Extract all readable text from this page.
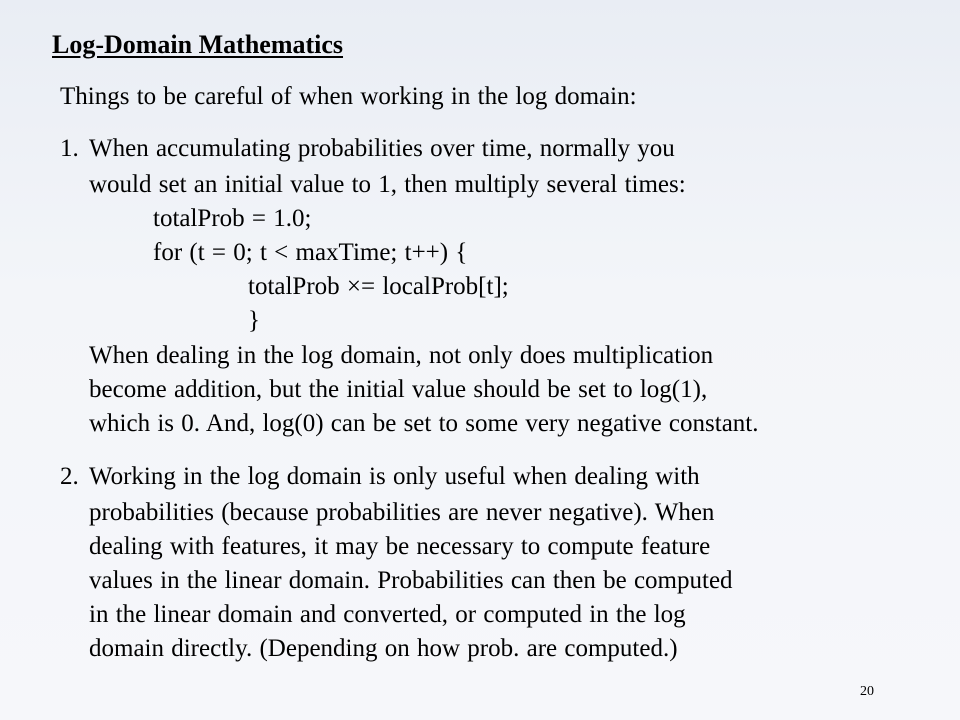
Log-Domain Mathematics
Things to be careful of when working in the log domain:
1. When accumulating probabilities over time, normally you
would set an initial value to 1, then multiply several times:
totalProb = 1.0;
for (t = 0; t < maxTime; t++) {
totalProb ×= localProb[t];
}
When dealing in the log domain, not only does multiplication
become addition, but the initial value should be set to log(1),
which is 0. And, log(0) can be set to some very negative constant.
2. Working in the log domain is only useful when dealing with
probabilities (because probabilities are never negative). When
dealing with features, it may be necessary to compute feature
values in the linear domain. Probabilities can then be computed
in the linear domain and converted, or computed in the log
domain directly. (Depending on how prob. are computed.)
20
